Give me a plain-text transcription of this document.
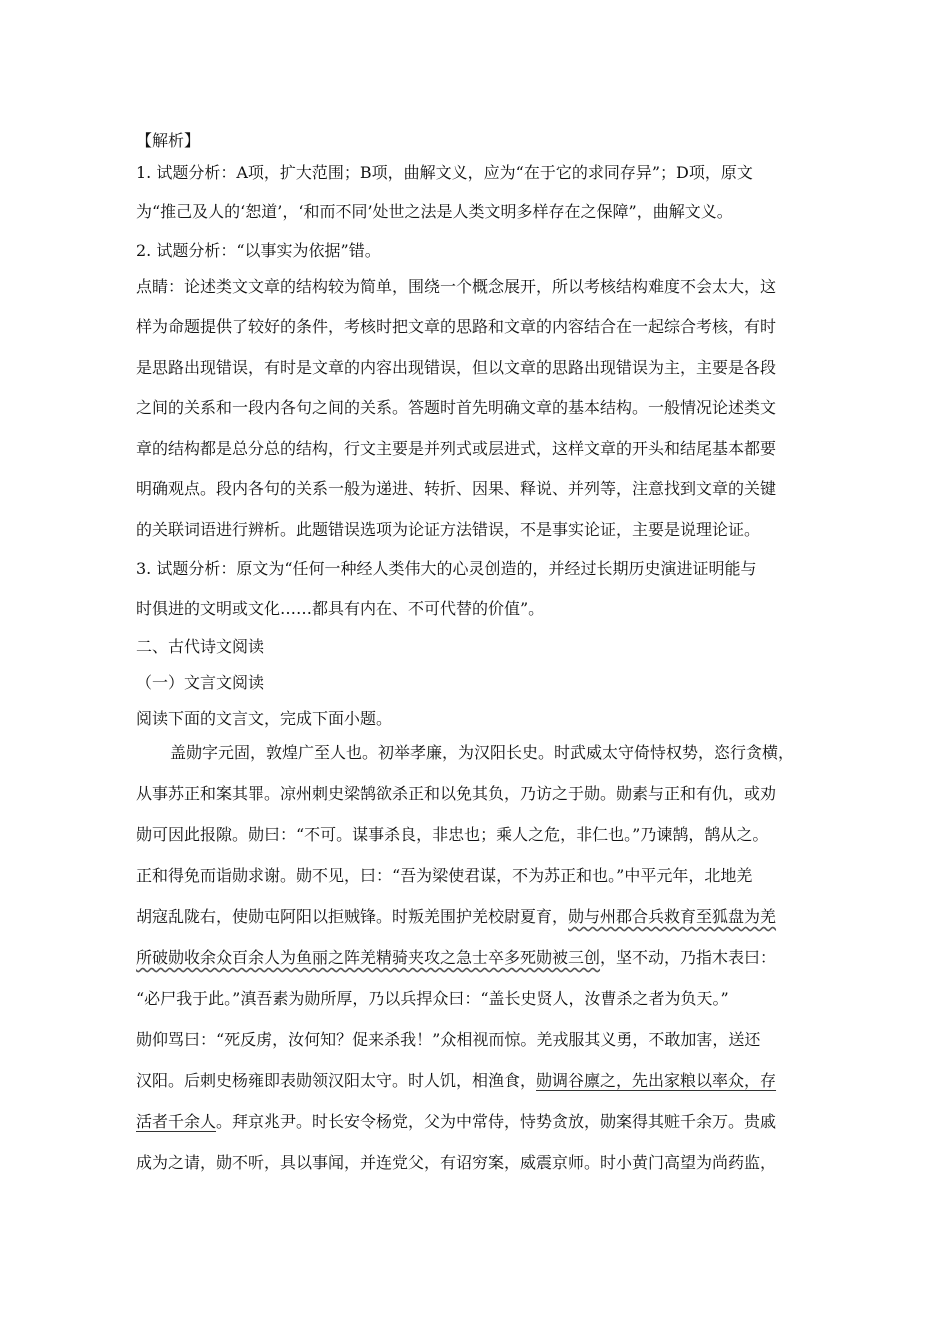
【解析】
1. 试题分析：A项，扩大范围；B项，曲解文义，应为“在于它的求同存异”；D项，原文
为“推己及人的‘恕道’，‘和而不同’处世之法是人类文明多样存在之保障”，曲解文义。
2. 试题分析：“以事实为依据”错。
点睛：论述类文文章的结构较为简单，围绕一个概念展开，所以考核结构难度不会太大，这
样为命题提供了较好的条件，考核时把文章的思路和文章的内容结合在一起综合考核，有时
是思路出现错误，有时是文章的内容出现错误，但以文章的思路出现错误为主，主要是各段
之间的关系和一段内各句之间的关系。答题时首先明确文章的基本结构。一般情况论述类文
章的结构都是总分总的结构，行文主要是并列式或层进式，这样文章的开头和结尾基本都要
明确观点。段内各句的关系一般为递进、转折、因果、释说、并列等，注意找到文章的关键
的关联词语进行辨析。此题错误选项为论证方法错误，不是事实论证，主要是说理论证。
3. 试题分析：原文为“任何一种经人类伟大的心灵创造的，并经过长期历史演进证明能与
时俱进的文明或文化……都具有内在、不可代替的价值”。
二、古代诗文阅读
（一）文言文阅读
阅读下面的文言文，完成下面小题。
盖勋字元固，敦煌广至人也。初举孝廉，为汉阳长史。时武威太守倚恃权势，恣行贪横，
从事苏正和案其罪。凉州刺史梁鹄欲杀正和以免其负，乃访之于勋。勋素与正和有仇，或劝
勋可因此报隙。勋曰：“不可。谋事杀良，非忠也；乘人之危，非仁也。”乃谏鹄，鹄从之。
正和得免而诣勋求谢。勋不见，曰：“吾为梁使君谋，不为苏正和也。”中平元年，北地羌
胡寇乱陇右，使勋屯阿阳以拒贼锋。时叛羌围护羌校尉夏育，勋与州郡合兵救育至狐盘为羌
所破勋收余众百余人为鱼丽之阵羌精骑夹攻之急士卒多死勋被三创，坚不动，乃指木表曰：
“必尸我于此。”滇吾素为勋所厚，乃以兵捍众曰：“盖长史贤人，汝曹杀之者为负天。”
勋仰骂曰：“死反虏，汝何知？促来杀我！”众相视而惊。羌戎服其义勇，不敢加害，送还
汉阳。后刺史杨雍即表勋领汉阳太守。时人饥，相渔食，勋调谷廪之，先出家粮以率众，存
活者千余人。拜京兆尹。时长安令杨党，父为中常侍，恃势贪放，勋案得其赃千余万。贵戚
成为之请，勋不听，具以事闻，并连党父，有诏穷案，威震京师。时小黄门高望为尚药监，
